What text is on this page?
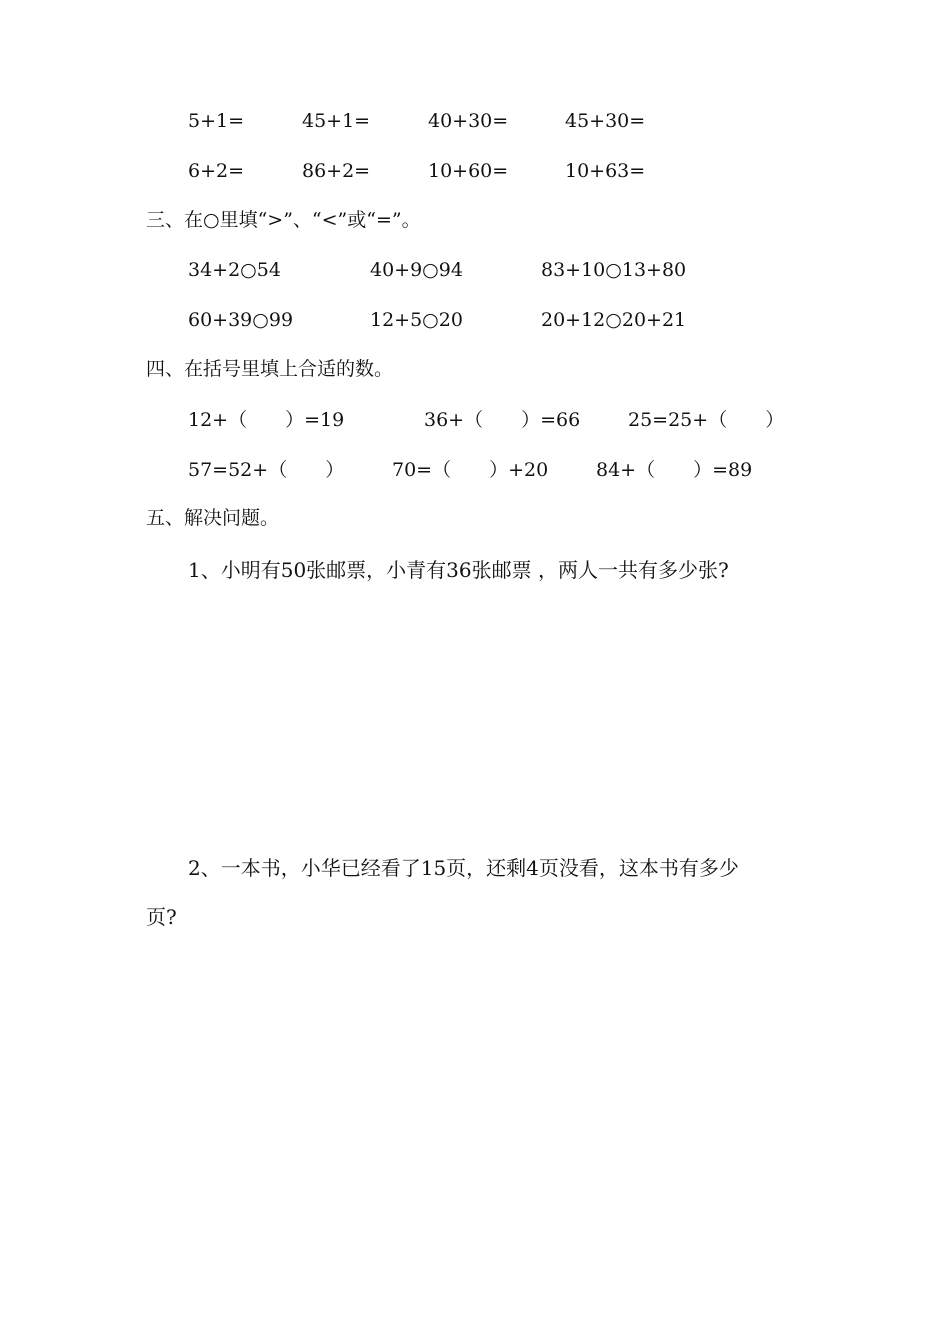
5+1=	45+1=	40+30=	45+30=
6+2=	86+2=	10+60=	10+63=
三、在○里填“>”、“<”或“=”。
34+2○54	40+9○94	83+10○13+80
60+39○99	12+5○20	20+12○20+21
四、在括号里填上合适的数。
12+（　　）=19	36+（　　）=66	25=25+（　　）
57=52+（　　）	70=（　　）+20	84+（　　）=89
五、解决问题。
1、小明有50张邮票，小青有36张邮票 ，两人一共有多少张?
2、一本书，小华已经看了15页，还剩4页没看，这本书有多少
页?
